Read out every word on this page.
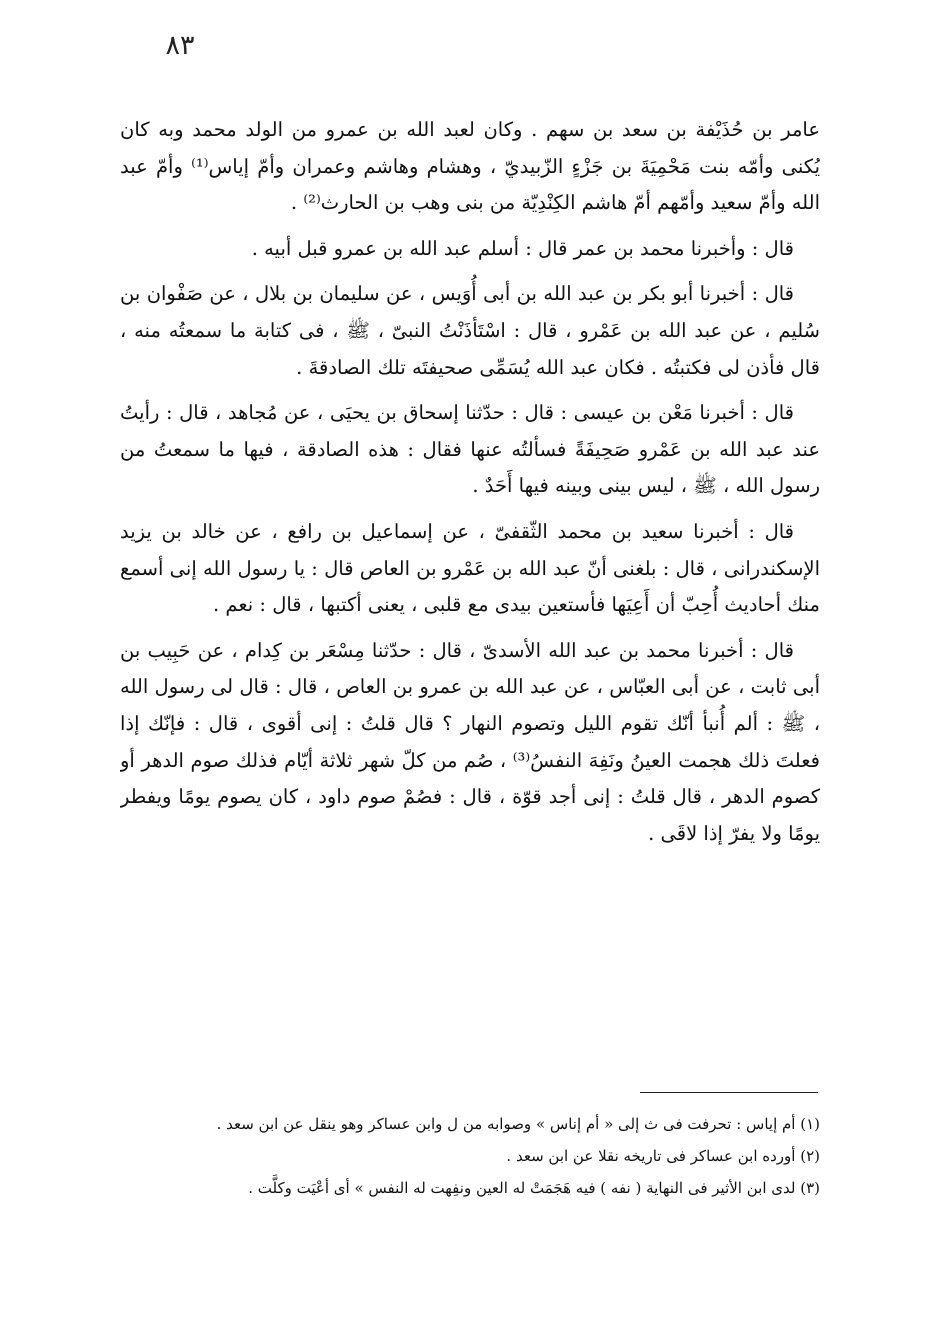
٨٣

عامر بن حُذَيْفة بن سعد بن سهم . وكان لعبد الله بن عمرو من الولد محمد وبه كان يُكنى وأمّه بنت مَحْمِيَةَ بن جَزْءٍ الزّبيديّ ، وهشام وهاشم وعمران وأمّ إياس⁽¹⁾ وأمّ عبد الله وأمّ سعيد وأمّهم أمّ هاشم الكِنْدِيّة من بنى وهب بن الحارث⁽²⁾ .

قال : وأخبرنا محمد بن عمر قال : أسلم عبد الله بن عمرو قبل أبيه .

قال : أخبرنا أبو بكر بن عبد الله بن أبى أُوَيس ، عن سليمان بن بلال ، عن صَفْوان بن سُليم ، عن عبد الله بن عَمْرو ، قال : اسْتَأذَنْتُ النبىّ ، ﷺ ، فى كتابة ما سمعتُه منه ، قال فأذن لى فكتبتُه . فكان عبد الله يُسَمِّى صحيفتَه تلك الصادقةَ .

قال : أخبرنا مَعْن بن عيسى : قال : حدّثنا إسحاق بن يحيَى ، عن مُجاهد ، قال : رأيتُ عند عبد الله بن عَمْرو صَحِيفَةً فسألتُه عنها فقال : هذه الصادقة ، فيها ما سمعتُ من رسول الله ، ﷺ ، ليس بينى وبينه فيها أَحَدٌ .

قال : أخبرنا سعيد بن محمد الثّقفىّ ، عن إسماعيل بن رافع ، عن خالد بن يزيد الإسكندرانى ، قال : بلغنى أنّ عبد الله بن عَمْرو بن العاص قال : يا رسول الله إنى أسمع منك أحاديث أُحِبّ أن أَعِيَها فأستعين بيدى مع قلبى ، يعنى أكتبها ، قال : نعم .

قال : أخبرنا محمد بن عبد الله الأسدىّ ، قال : حدّثنا مِسْعَر بن كِدام ، عن حَبِيب بن أبى ثابت ، عن أبى العبّاس ، عن عبد الله بن عمرو بن العاص ، قال : قال لى رسول الله ، ﷺ : ألم أُنبأ أنّك تقوم الليل وتصوم النهار ؟ قال قلتُ : إنى أقوى ، قال : فإنّك إذا فعلتَ ذلك هجمت العينُ ونَفِهَ النفسُ⁽³⁾ ، صُم من كلّ شهر ثلاثة أيّام فذلك صوم الدهر أو كصوم الدهر ، قال قلتُ : إنى أجد قوّة ، قال : فصُمْ صوم داود ، كان يصوم يومًا ويفطر يومًا ولا يفرّ إذا لاقَى .

(١) أم إياس : تحرفت فى ث إلى « أم إناس » وصوابه من ل وابن عساكر وهو ينقل عن ابن سعد .

(٢) أورده ابن عساكر فى تاريخه نقلا عن ابن سعد .

(٣) لدى ابن الأثير فى النهاية ( نفه ) فيه هَجَمَتْ له العين ونفِهت له النفس » أى أعْيَت وكلَّت .
